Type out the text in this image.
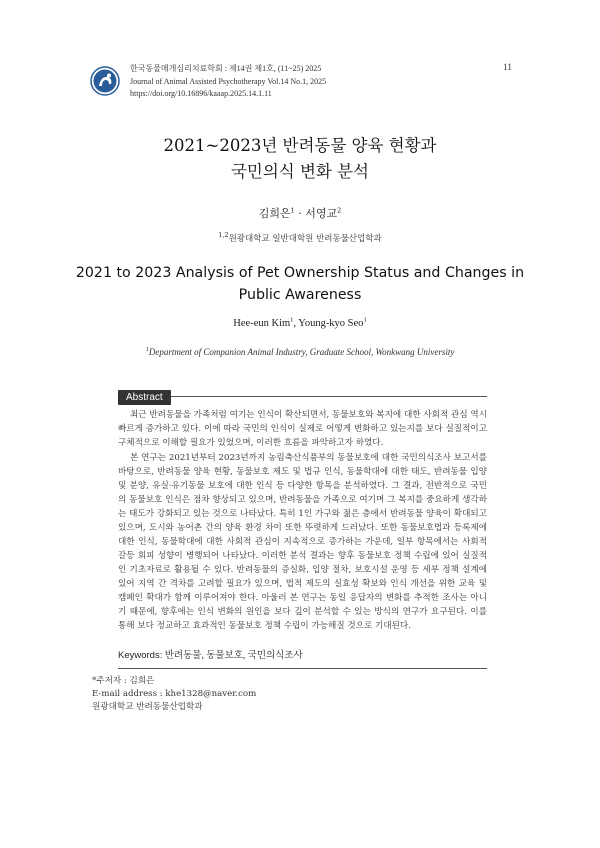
한국동물매개심리치료학회 : 제14권 제1호, (11~25) 2025
Journal of Animal Assisted Psychotherapy Vol.14 No.1, 2025
https://doi.org/10.16896/kaaap.2025.14.1.11
11
2021~2023년 반려동물 양육 현황과
국민의식 변화 분석
김희은$^1$ · 서영교$^2$
$^{1,2}$원광대학교 일반대학원 반려동물산업학과
2021 to 2023 Analysis of Pet Ownership Status and Changes in
Public Awareness
Hee-eun Kim$^1$, Young-kyo Seo$^1$
$^1$Department of Companion Animal Industry, Graduate School, Wonkwang University
Abstract

최근 반려동물을 가족처럼 여기는 인식이 확산되면서, 동물보호와 복지에 대한 사회적 관심 역시 빠르게 증가하고 있다. 이에 따라 국민의 인식이 실제로 어떻게 변화하고 있는지를 보다 실질적이고 구체적으로 이해할 필요가 있었으며, 이러한 흐름을 파악하고자 하였다.

본 연구는 2021년부터 2023년까지 농림축산식품부의 동물보호에 대한 국민의식조사 보고서를 바탕으로, 반려동물 양육 현황, 동물보호 제도 및 법규 인식, 동물학대에 대한 태도, 반려동물 입양 및 분양, 유실·유기동물 보호에 대한 인식 등 다양한 항목을 분석하였다. 그 결과, 전반적으로 국민의 동물보호 인식은 점차 향상되고 있으며, 반려동물을 가족으로 여기며 그 복지를 중요하게 생각하는 태도가 강화되고 있는 것으로 나타났다. 특히 1인 가구와 젊은 층에서 반려동물 양육이 확대되고 있으며, 도시와 농어촌 간의 양육 환경 차이 또한 뚜렷하게 드러났다. 또한 동물보호법과 등록제에 대한 인식, 동물학대에 대한 사회적 관심이 지속적으로 증가하는 가운데, 일부 항목에서는 사회적 갈등 회피 성향이 병행되어 나타났다. 이러한 분석 결과는 향후 동물보호 정책 수립에 있어 실질적인 기초자료로 활용될 수 있다. 반려동물의 증실화, 입양 절차, 보호시설 운영 등 세부 정책 설계에 있어 지역 간 격차를 고려할 필요가 있으며, 법적 제도의 실효성 확보와 인식 개선을 위한 교육 및 캠페인 확대가 함께 이루어져야 한다. 아울러 본 연구는 동일 응답자의 변화를 추적한 조사는 아니기 때문에, 향후에는 인식 변화의 원인을 보다 깊이 분석할 수 있는 방식의 연구가 요구된다. 이를 통해 보다 정교하고 효과적인 동물보호 정책 수립이 가능해질 것으로 기대된다.

Keywords: 반려동물, 동물보호, 국민의식조사
*주저자 : 김희은
E-mail address : khe1328@naver.com
원광대학교 반려동물산업학과
